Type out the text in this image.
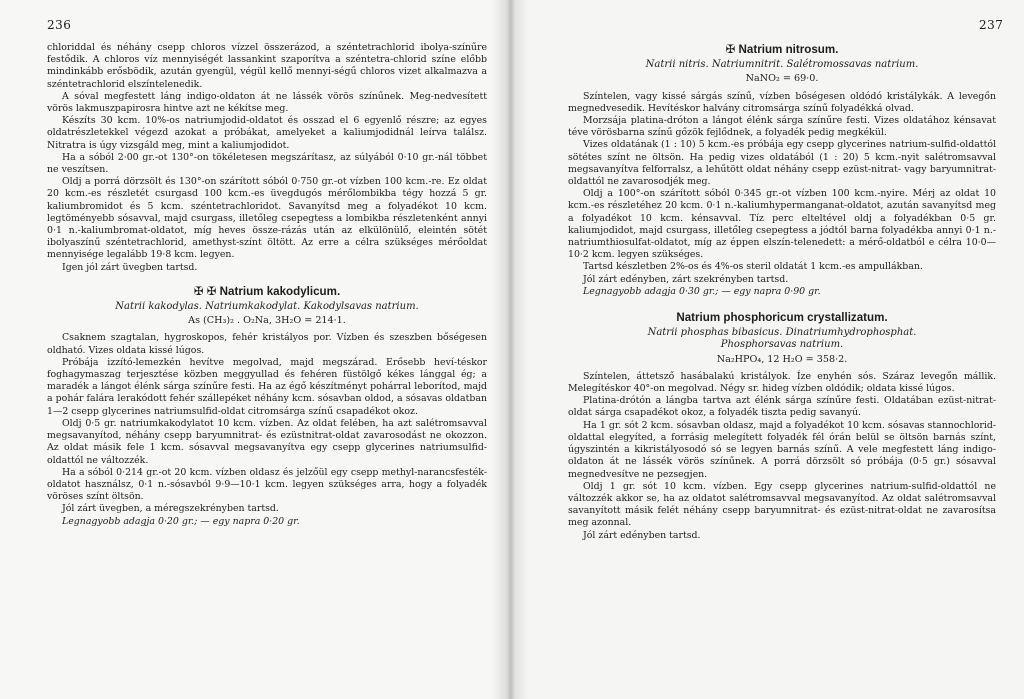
236

chloriddal és néhány csepp chloros vízzel összerázod, a széntetrachlorid ibolya-színűre festődik. A chloros víz mennyiségét lassankint szaporítva a széntetra-chlorid színe előbb mindinkább erősbödik, azután gyengül, végül kellő mennyi-ségű chloros vizet alkalmazva a széntetrachlorid elszíntelenedik.

A sóval megfestett láng indigo-oldaton át ne lássék vörös színűnek. Meg-nedvesített vörös lakmuszpapirosra hintve azt ne kékítse meg.

Készíts 30 kcm. 10%-os natriumjodid-oldatot és osszad el 6 egyenlő részre; az egyes oldatrészletekkel végezd azokat a próbákat, amelyeket a kaliumjodidnál leírva találsz. Nitratra is úgy vizsgáld meg, mint a kaliumjodidot.

Ha a sóból 2·00 gr.-ot 130°-on tökéletesen megszárítasz, az súlyából 0·10 gr.-nál többet ne veszítsen.

Oldj a porrá dörzsölt és 130°-on szárított sóból 0·750 gr.-ot vízben 100 kcm.-re. Ez oldat 20 kcm.-es részletét csurgasd 100 kcm.-es üvegdugós mérőlombikba tégy hozzá 5 gr. kaliumbromidot és 5 kcm. széntetrachloridot. Savanyítsd meg a folyadékot 10 kcm. legtöményebb sósavval, majd csurgass, illetőleg csepegtess a lombikba részletenként annyi 0·1 n.-kaliumbromat-oldatot, míg heves össze-rázás után az elkülönülő, eleintén sötét ibolyaszínű széntetrachlorid, amethyst-színt öltött. Az erre a célra szükséges mérőoldat mennyisége legalább 19·8 kcm. legyen.

Igen jól zárt üvegben tartsd.

✠ ✠ Natrium kakodylicum.
Natrii kakodylas. Natriumkakodylat. Kakodylsavas natrium.
As (CH₃)₂ . O₂Na, 3H₂O = 214·1.

Csaknem szagtalan, hygroskopos, fehér kristályos por. Vízben és szeszben bőségesen oldható. Vizes oldata kissé lúgos.

Próbája izzító-lemezkén hevítve megolvad, majd megszárad. Erősebb heví-téskor foghagymaszag terjesztése közben meggyullad és fehéren füstölgő kékes lánggal ég; a maradék a lángot élénk sárga színűre festi. Ha az égő készítményt pohárral leborítod, majd a pohár falára lerakódott fehér szállepéket néhány kcm. sósavban oldod, a sósavas oldatban 1—2 csepp glycerines natriumsulfid-oldat citromsárga színű csapadékot okoz.

Oldj 0·5 gr. natriumkakodylatot 10 kcm. vízben. Az oldat felében, ha azt salétromsavval megsavanyítod, néhány csepp baryumnitrat- és ezüstnitrat-oldat zavarosodást ne okozzon. Az oldat másik fele 1 kcm. sósavval megsavanyítva egy csepp glycerines natriumsulfid-oldattól ne változzék.

Ha a sóból 0·214 gr.-ot 20 kcm. vízben oldasz és jelzőül egy csepp methyl-narancsfesték-oldatot használsz, 0·1 n.-sósavból 9·9—10·1 kcm. legyen szükséges arra, hogy a folyadék vöröses színt öltsön.

Jól zárt üvegben, a méregszekrényben tartsd.

Legnagyobb adagja 0·20 gr.; — egy napra 0·20 gr.

237
✠ Natrium nitrosum.
Natrii nitris. Natriumnitrit. Salétromossavas natrium.
NaNO₂ = 69·0.

Színtelen, vagy kissé sárgás színű, vízben bőségesen oldódó kristálykák. A levegőn megnedvesedik. Hevítéskor halvány citromsárga színű folyadékká olvad.

Morzsája platina-dróton a lángot élénk sárga színűre festi. Vizes oldatához kénsavat téve vörösbarna színű gőzök fejlődnek, a folyadék pedig megkékül.

Vizes oldatának (1 : 10) 5 kcm.-es próbája egy csepp glycerines natrium-sulfid-oldattól sötétes színt ne öltsön. Ha pedig vizes oldatából (1 : 20) 5 kcm.-nyit salétromsavval megsavanyítva felforralsz, a lehűtött oldat néhány csepp ezüst-nitrat- vagy baryumnitrat-oldattól ne zavarosodjék meg.

Oldj a 100°-on szárított sóból 0·345 gr.-ot vízben 100 kcm.-nyire. Mérj az oldat 10 kcm.-es részletéhez 20 kcm. 0·1 n.-kaliumhypermanganat-oldatot, azután savanyítsd meg a folyadékot 10 kcm. kénsavval. Tíz perc elteltével oldj a folyadékban 0·5 gr. kaliumjodidot, majd csurgass, illetőleg csepegtess a jódtól barna folyadékba annyi 0·1 n.-natriumthiosulfat-oldatot, míg az éppen elszín-telenedett: a mérő-oldatból e célra 10·0—10·2 kcm. legyen szükséges.

Tartsd készletben 2%-os és 4%-os steril oldatát 1 kcm.-es ampullákban.

Jól zárt edényben, zárt szekrényben tartsd.

Legnagyobb adagja 0·30 gr.; — egy napra 0·90 gr.

Natrium phosphoricum crystallizatum.
Natrii phosphas bibasicus. Dinatriumhydrophosphat.
Phosphorsavas natrium.
Na₂HPO₄, 12 H₂O = 358·2.

Színtelen, áttetsző hasábalakú kristályok. Íze enyhén sós. Száraz levegőn mállik. Melegítéskor 40°-on megolvad. Négy sr. hideg vízben oldódik; oldata kissé lúgos.

Platina-drótón a lángba tartva azt élénk sárga színűre festi. Oldatában ezüst-nitrat-oldat sárga csapadékot okoz, a folyadék tiszta pedig savanyú.

Ha 1 gr. sót 2 kcm. sósavban oldasz, majd a folyadékot 10 kcm. sósavas stannochlorid-oldattal elegyíted, a forrásig melegített folyadék fél órán belül se öltsön barnás színt, úgyszintén a kikristályosodó só se legyen barnás színű. A vele megfestett láng indigo-oldaton át ne lássék vörös színűnek. A porrá dörzsölt só próbája (0·5 gr.) sósavval megnedvesítve ne pezsegjen.

Oldj 1 gr. sót 10 kcm. vízben. Egy csepp glycerines natrium-sulfid-oldattól ne változzék akkor se, ha az oldatot salétromsavval megsavanyítod. Az oldat salétromsavval savanyított másik felét néhány csepp baryumnitrat- és ezüst-nitrat-oldat ne zavarosítsa meg azonnal.

Jól zárt edényben tartsd.
